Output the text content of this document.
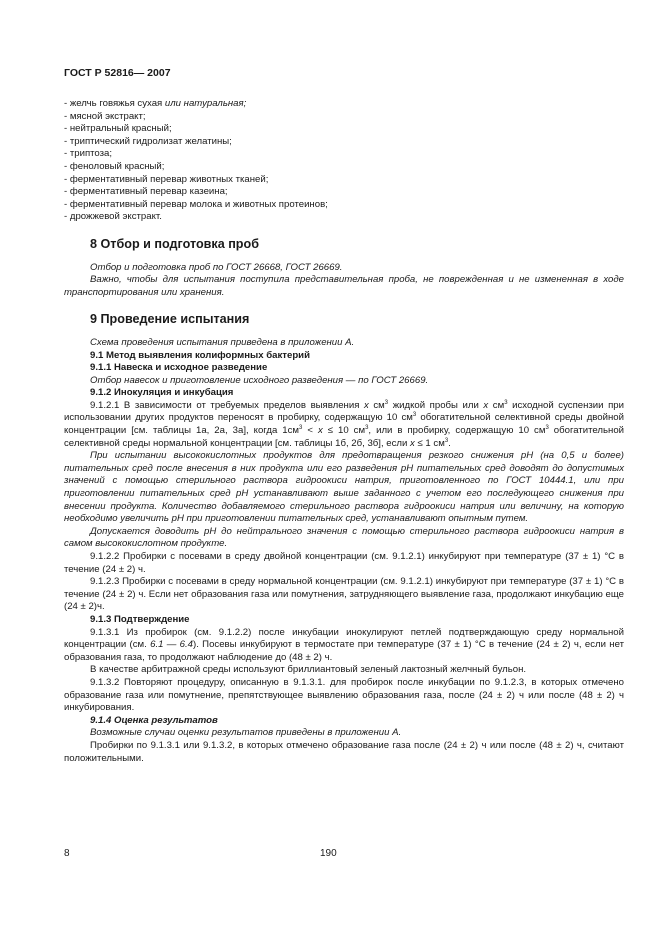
ГОСТ Р 52816— 2007

- желчь говяжья сухая или натуральная;

- мясной экстракт;

- нейтральный красный;

- триптический гидролизат желатины;

- триптоза;

- феноловый красный;

- ферментативный перевар животных тканей;

- ферментативный перевар казеина;

- ферментативный перевар молока и животных протеинов;

- дрожжевой экстракт.

8 Отбор и подготовка проб

Отбор и подготовка проб по ГОСТ 26668, ГОСТ 26669.

Важно, чтобы для испытания поступила представительная проба, не поврежденная и не измененная в ходе транспортирования или хранения.

9 Проведение испытания

Схема проведения испытания приведена в приложении А.

9.1 Метод выявления колиформных бактерий

9.1.1 Навеска и исходное разведение

Отбор навесок и приготовление исходного разведения — по ГОСТ 26669.

9.1.2 Инокуляция и инкубация

9.1.2.1 В зависимости от требуемых пределов выявления x $см^3$ жидкой пробы или x $см^3$ исходной суспензии при использовании других продуктов переносят в пробирку, содержащую 10 $см^3$ обогатительной селективной среды двойной концентрации [см. таблицы 1а, 2а, 3а], когда $1см^3 < x \le 10$ $см^3$, или в пробирку, содержащую 10 $см^3$ обогатительной селективной среды нормальной концентрации [см. таблицы 1б, 2б, 3б], если x ≤ 1 $см^3$.

При испытании высококислотных продуктов для предотвращения резкого снижения рН (на 0,5 и более) питательных сред после внесения в них продукта или его разведения рН питательных сред доводят до допустимых значений с помощью стерильного раствора гидроокиси натрия, приготовленного по ГОСТ 10444.1, или при приготовлении питательных сред рН устанавливают выше заданного с учетом его последующего снижения при внесении продукта. Количество добавляемого стерильного раствора гидроокиси натрия или величину, на которую необходимо увеличить рН при приготовлении питательных сред, устанавливают опытным путем.

Допускается доводить рН до нейтрального значения с помощью стерильного раствора гидроокиси натрия в самом высококислотном продукте.

9.1.2.2 Пробирки с посевами в среду двойной концентрации (см. 9.1.2.1) инкубируют при температуре (37 ± 1) °С в течение (24 ± 2) ч.

9.1.2.3 Пробирки с посевами в среду нормальной концентрации (см. 9.1.2.1) инкубируют при температуре (37 ± 1) °С в течение (24 ± 2) ч. Если нет образования газа или помутнения, затрудняющего выявление газа, продолжают инкубацию еще (24 ± 2)ч.

9.1.3 Подтверждение

9.1.3.1 Из пробирок (см. 9.1.2.2) после инкубации инокулируют петлей подтверждающую среду нормальной концентрации (см. 6.1 — 6.4). Посевы инкубируют в термостате при температуре (37 ± 1) °С в течение (24 ± 2) ч, если нет образования газа, то продолжают наблюдение до (48 ± 2) ч.

В качестве арбитражной среды используют бриллиантовый зеленый лактозный желчный бульон.

9.1.3.2 Повторяют процедуру, описанную в 9.1.3.1. для пробирок после инкубации по 9.1.2.3, в которых отмечено образование газа или помутнение, препятствующее выявлению образования газа, после (24 ± 2) ч или после (48 ± 2) ч инкубирования.

9.1.4 Оценка результатов

Возможные случаи оценки результатов приведены в приложении А.

Пробирки по 9.1.3.1 или 9.1.3.2, в которых отмечено образование газа после (24 ± 2) ч или после (48 ± 2) ч, считают положительными.

8	190
